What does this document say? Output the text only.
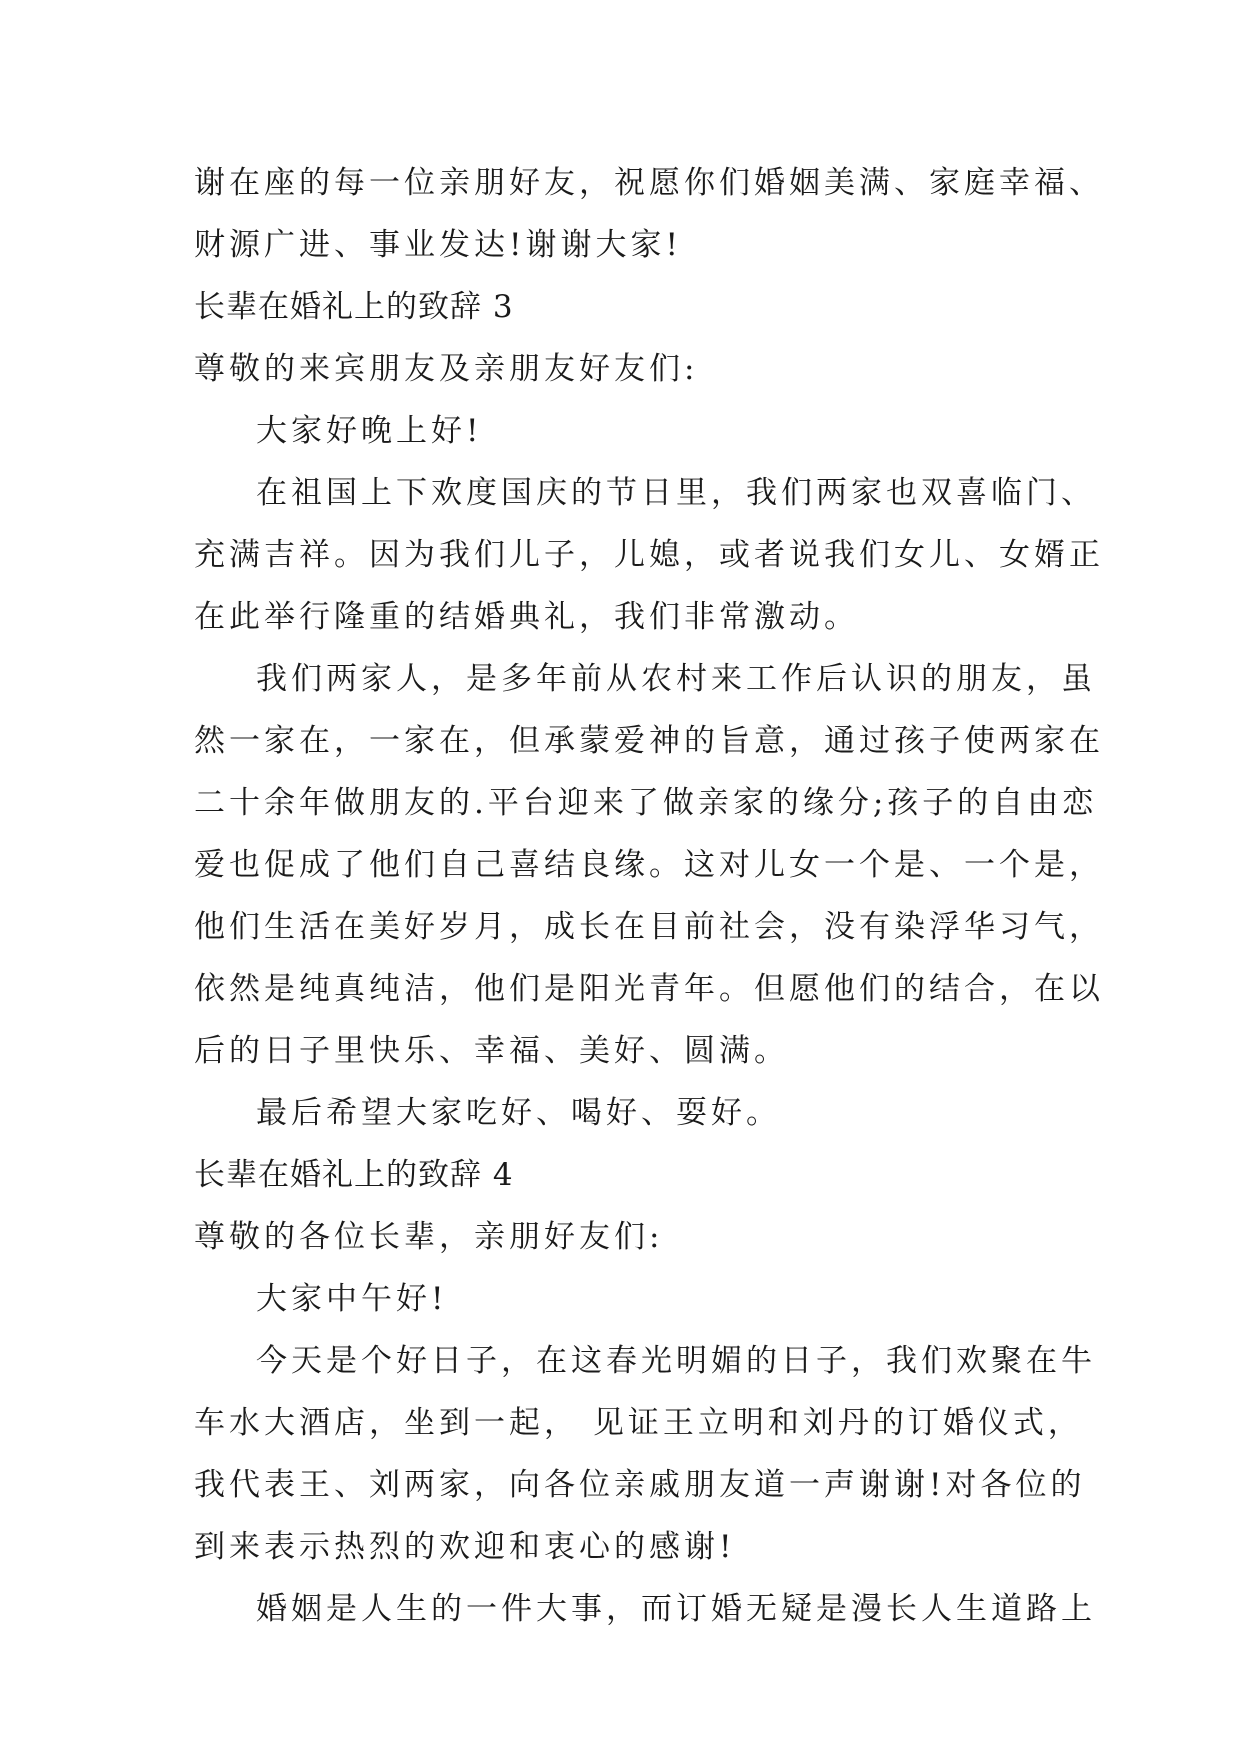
谢在座的每一位亲朋好友，祝愿你们婚姻美满、家庭幸福、
财源广进、事业发达!谢谢大家!
长辈在婚礼上的致辞 3
尊敬的来宾朋友及亲朋友好友们:
大家好晚上好!
在祖国上下欢度国庆的节日里，我们两家也双喜临门、
充满吉祥。因为我们儿子，儿媳，或者说我们女儿、女婿正
在此举行隆重的结婚典礼，我们非常激动。
我们两家人，是多年前从农村来工作后认识的朋友，虽
然一家在，一家在，但承蒙爱神的旨意，通过孩子使两家在
二十余年做朋友的.平台迎来了做亲家的缘分;孩子的自由恋
爱也促成了他们自己喜结良缘。这对儿女一个是、一个是，
他们生活在美好岁月，成长在目前社会，没有染浮华习气，
依然是纯真纯洁，他们是阳光青年。但愿他们的结合，在以
后的日子里快乐、幸福、美好、圆满。
最后希望大家吃好、喝好、耍好。
长辈在婚礼上的致辞 4
尊敬的各位长辈，亲朋好友们:
大家中午好!
今天是个好日子，在这春光明媚的日子，我们欢聚在牛
车水大酒店，坐到一起， 见证王立明和刘丹的订婚仪式，
我代表王、刘两家，向各位亲戚朋友道一声谢谢!对各位的
到来表示热烈的欢迎和衷心的感谢!
婚姻是人生的一件大事，而订婚无疑是漫长人生道路上
